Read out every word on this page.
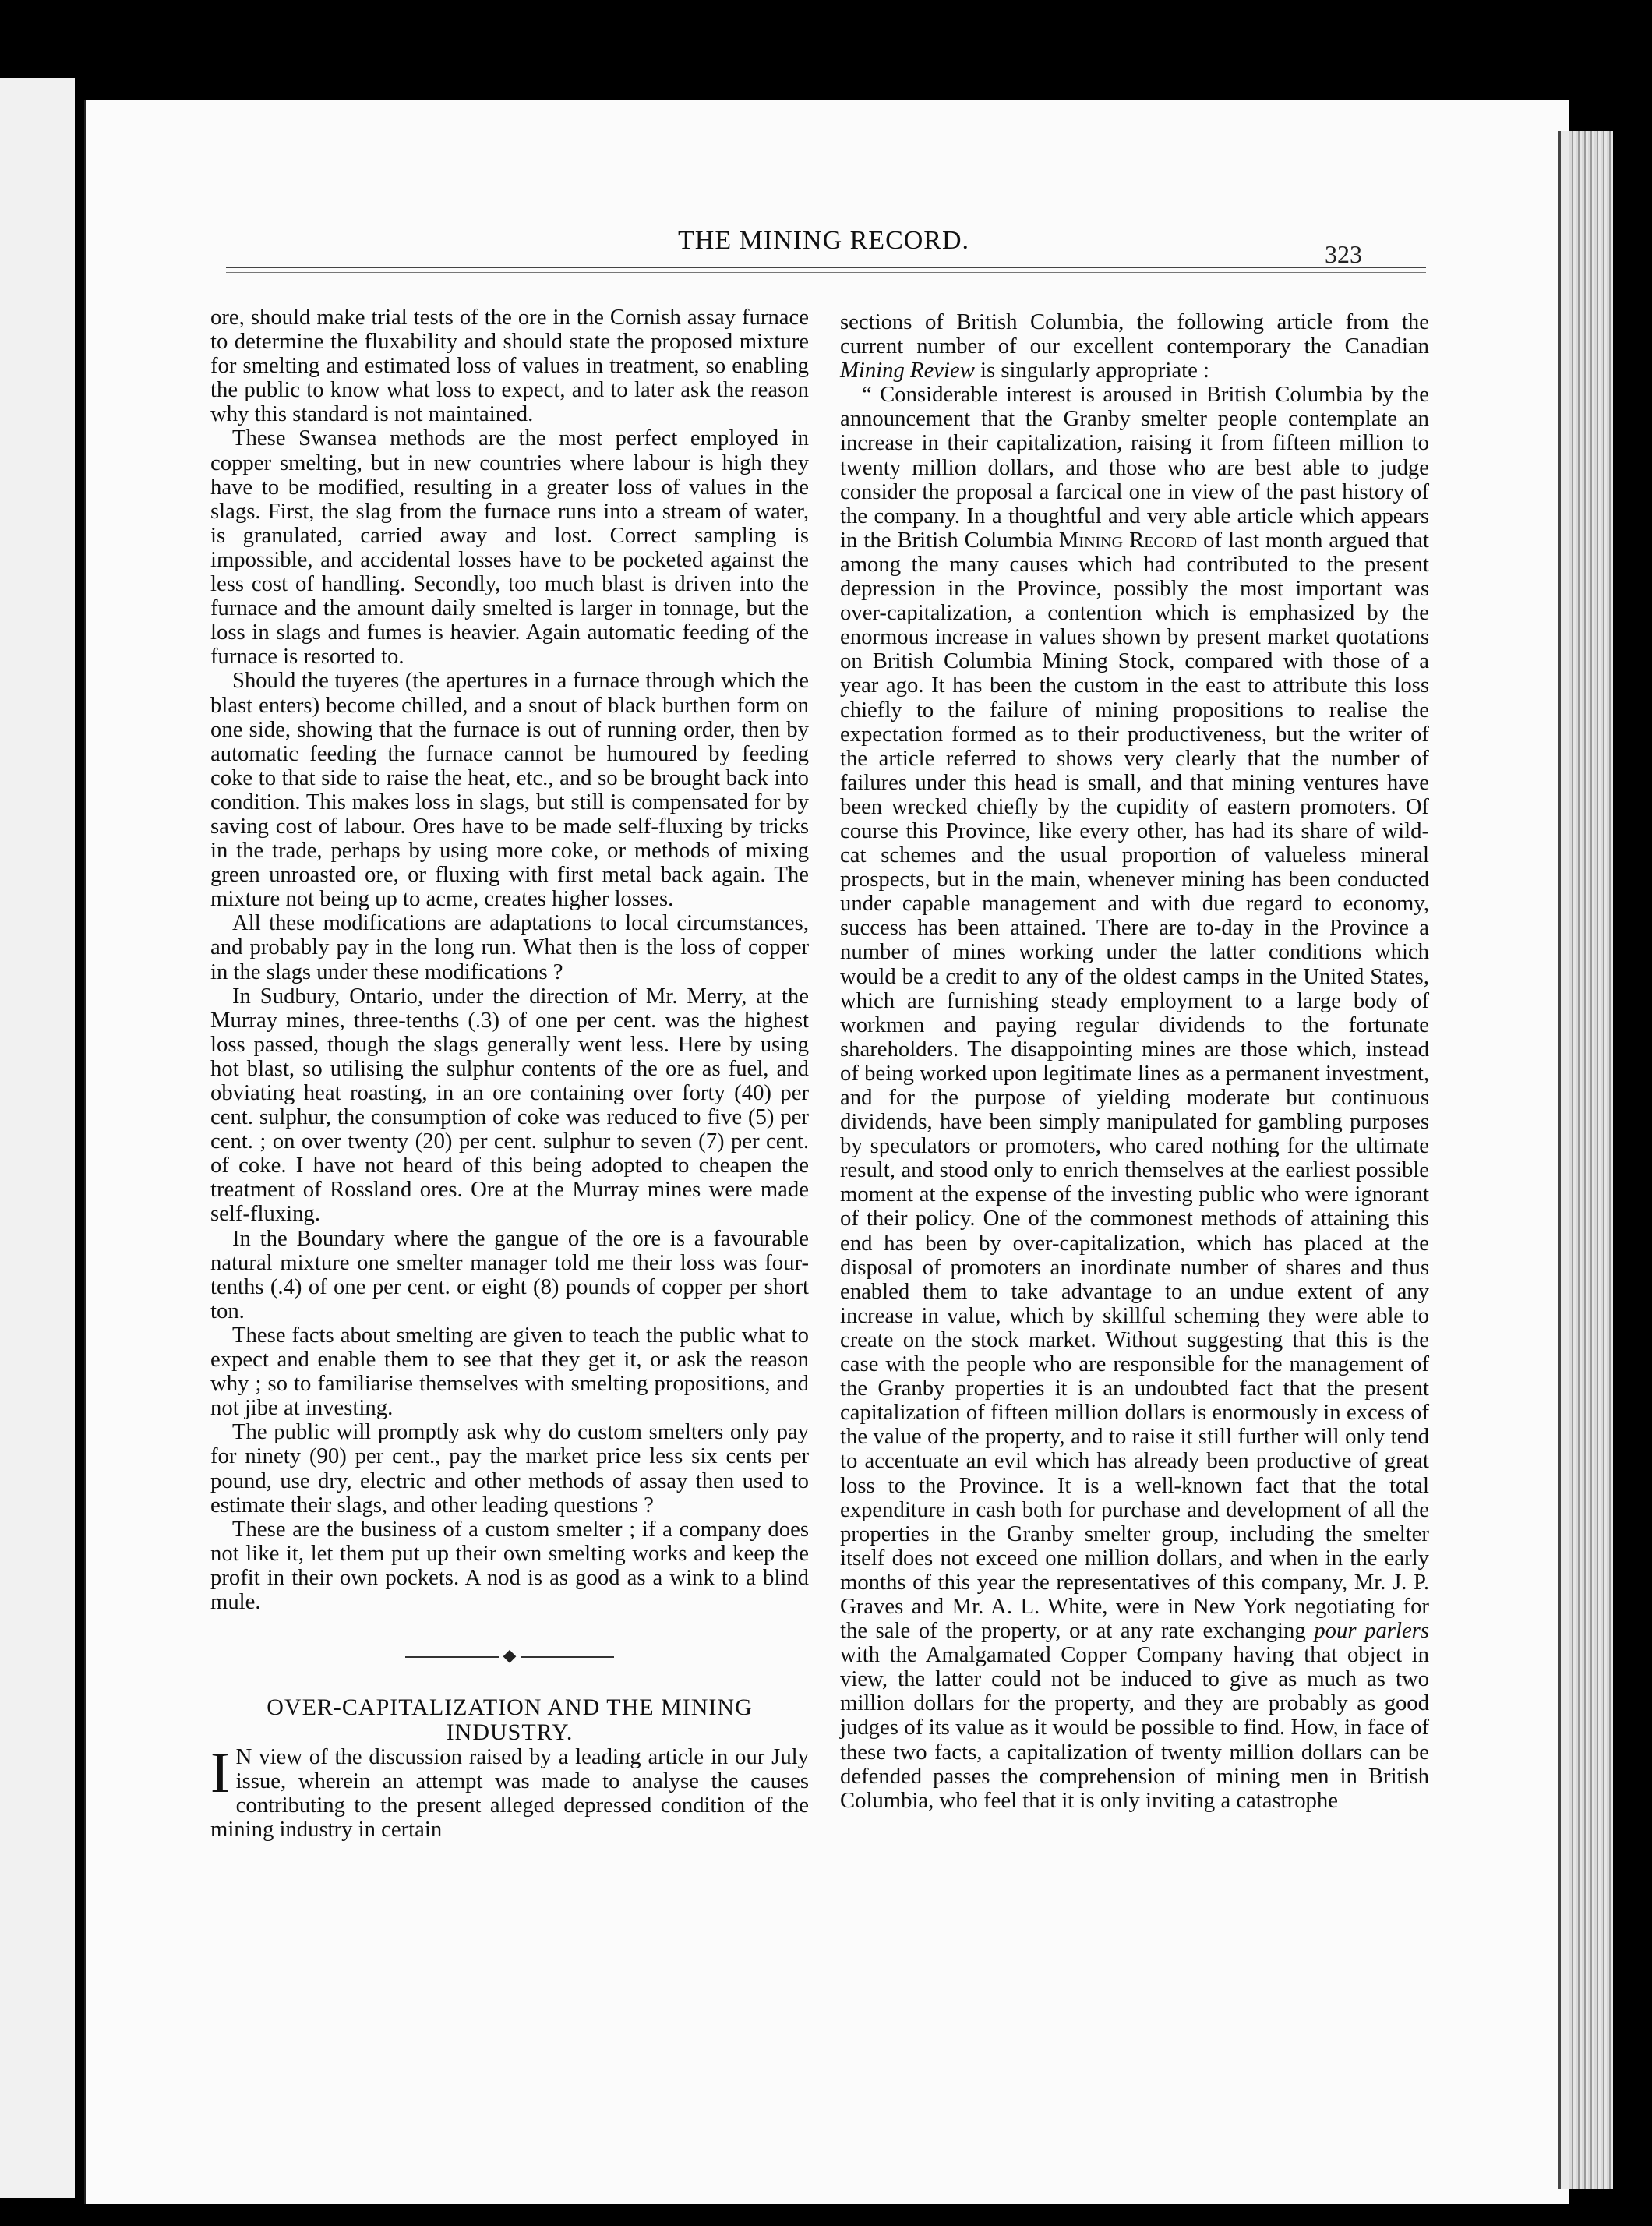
THE MINING RECORD.	323

ore, should make trial tests of the ore in the Cornish assay furnace to determine the fluxability and should state the proposed mixture for smelting and estimated loss of values in treatment, so enabling the public to know what loss to expect, and to later ask the reason why this standard is not maintained.

These Swansea methods are the most perfect employed in copper smelting, but in new countries where labour is high they have to be modified, resulting in a greater loss of values in the slags. First, the slag from the furnace runs into a stream of water, is granulated, carried away and lost. Correct sampling is impossible, and accidental losses have to be pocketed against the less cost of handling. Secondly, too much blast is driven into the furnace and the amount daily smelted is larger in tonnage, but the loss in slags and fumes is heavier. Again automatic feeding of the furnace is resorted to.

Should the tuyeres (the apertures in a furnace through which the blast enters) become chilled, and a snout of black burthen form on one side, showing that the furnace is out of running order, then by automatic feeding the furnace cannot be humoured by feeding coke to that side to raise the heat, etc., and so be brought back into condition. This makes loss in slags, but still is compensated for by saving cost of labour. Ores have to be made self-fluxing by tricks in the trade, perhaps by using more coke, or methods of mixing green unroasted ore, or fluxing with first metal back again. The mixture not being up to acme, creates higher losses.

All these modifications are adaptations to local circumstances, and probably pay in the long run. What then is the loss of copper in the slags under these modifications ?

In Sudbury, Ontario, under the direction of Mr. Merry, at the Murray mines, three-tenths (.3) of one per cent. was the highest loss passed, though the slags generally went less. Here by using hot blast, so utilising the sulphur contents of the ore as fuel, and obviating heat roasting, in an ore containing over forty (40) per cent. sulphur, the consumption of coke was reduced to five (5) per cent. ; on over twenty (20) per cent. sulphur to seven (7) per cent. of coke. I have not heard of this being adopted to cheapen the treatment of Rossland ores. Ore at the Murray mines were made self-fluxing.

In the Boundary where the gangue of the ore is a favourable natural mixture one smelter manager told me their loss was four-tenths (.4) of one per cent. or eight (8) pounds of copper per short ton.

These facts about smelting are given to teach the public what to expect and enable them to see that they get it, or ask the reason why ; so to familiarise themselves with smelting propositions, and not jibe at investing.

The public will promptly ask why do custom smelters only pay for ninety (90) per cent., pay the market price less six cents per pound, use dry, electric and other methods of assay then used to estimate their slags, and other leading questions ?

These are the business of a custom smelter ; if a company does not like it, let them put up their own smelting works and keep the profit in their own pockets. A nod is as good as a wink to a blind mule.

◆

OVER-CAPITALIZATION AND THE MINING INDUSTRY.

I N view of the discussion raised by a leading article in our July issue, wherein an attempt was made to analyse the causes contributing to the present alleged depressed condition of the mining industry in certain

sections of British Columbia, the following article from the current number of our excellent contemporary the Canadian Mining Review is singularly appropriate :

“ Considerable interest is aroused in British Columbia by the announcement that the Granby smelter people contemplate an increase in their capitalization, raising it from fifteen million to twenty million dollars, and those who are best able to judge consider the proposal a farcical one in view of the past history of the company. In a thoughtful and very able article which appears in the British Columbia Mining Record of last month argued that among the many causes which had contributed to the present depression in the Province, possibly the most important was over-capitalization, a contention which is emphasized by the enormous increase in values shown by present market quotations on British Columbia Mining Stock, compared with those of a year ago. It has been the custom in the east to attribute this loss chiefly to the failure of mining propositions to realise the expectation formed as to their productiveness, but the writer of the article referred to shows very clearly that the number of failures under this head is small, and that mining ventures have been wrecked chiefly by the cupidity of eastern promoters. Of course this Province, like every other, has had its share of wild-cat schemes and the usual proportion of valueless mineral prospects, but in the main, whenever mining has been conducted under capable management and with due regard to economy, success has been attained. There are to-day in the Province a number of mines working under the latter conditions which would be a credit to any of the oldest camps in the United States, which are furnishing steady employment to a large body of workmen and paying regular dividends to the fortunate shareholders. The disappointing mines are those which, instead of being worked upon legitimate lines as a permanent investment, and for the purpose of yielding moderate but continuous dividends, have been simply manipulated for gambling purposes by speculators or promoters, who cared nothing for the ultimate result, and stood only to enrich themselves at the earliest possible moment at the expense of the investing public who were ignorant of their policy. One of the commonest methods of attaining this end has been by over-capitalization, which has placed at the disposal of promoters an inordinate number of shares and thus enabled them to take advantage to an undue extent of any increase in value, which by skillful scheming they were able to create on the stock market. Without suggesting that this is the case with the people who are responsible for the management of the Granby properties it is an undoubted fact that the present capitalization of fifteen million dollars is enormously in excess of the value of the property, and to raise it still further will only tend to accentuate an evil which has already been productive of great loss to the Province. It is a well-known fact that the total expenditure in cash both for purchase and development of all the properties in the Granby smelter group, including the smelter itself does not exceed one million dollars, and when in the early months of this year the representatives of this company, Mr. J. P. Graves and Mr. A. L. White, were in New York negotiating for the sale of the property, or at any rate exchanging pour parlers with the Amalgamated Copper Company having that object in view, the latter could not be induced to give as much as two million dollars for the property, and they are probably as good judges of its value as it would be possible to find. How, in face of these two facts, a capitalization of twenty million dollars can be defended passes the comprehension of mining men in British Columbia, who feel that it is only inviting a catastrophe
